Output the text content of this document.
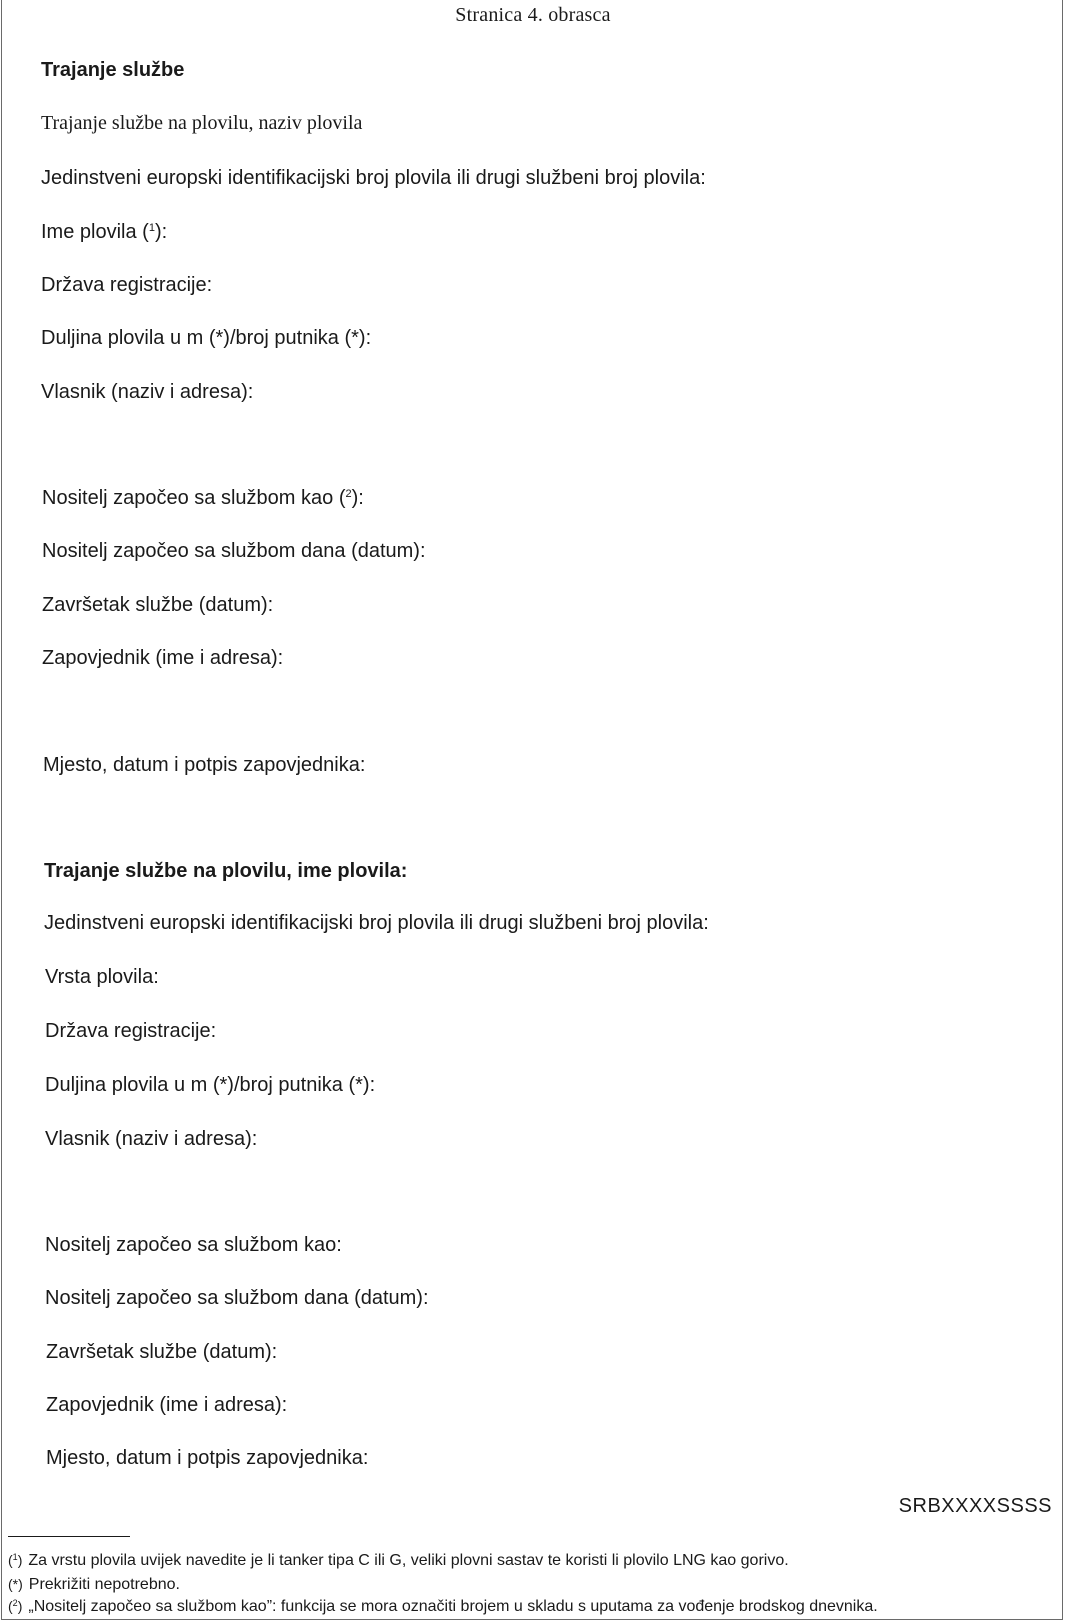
Stranica 4. obrasca
Trajanje službe
Trajanje službe na plovilu, naziv plovila
Jedinstveni europski identifikacijski broj plovila ili drugi službeni broj plovila:
Ime plovila ($^1$):
Država registracije:
Duljina plovila u m (*)/broj putnika (*):
Vlasnik (naziv i adresa):
Nositelj započeo sa službom kao ($^2$):
Nositelj započeo sa službom dana (datum):
Završetak službe (datum):
Zapovjednik (ime i adresa):
Mjesto, datum i potpis zapovjednika:
Trajanje službe na plovilu, ime plovila:
Jedinstveni europski identifikacijski broj plovila ili drugi službeni broj plovila:
Vrsta plovila:
Država registracije:
Duljina plovila u m (*)/broj putnika (*):
Vlasnik (naziv i adresa):
Nositelj započeo sa službom kao:
Nositelj započeo sa službom dana (datum):
Završetak službe (datum):
Zapovjednik (ime i adresa):
Mjesto, datum i potpis zapovjednika:
SRBXXXXSSSS
($^1$) Za vrstu plovila uvijek navedite je li tanker tipa C ili G, veliki plovni sastav te koristi li plovilo LNG kao gorivo.
(*) Prekrižiti nepotrebno.
($^2$) „Nositelj započeo sa službom kao”: funkcija se mora označiti brojem u skladu s uputama za vođenje brodskog dnevnika.
